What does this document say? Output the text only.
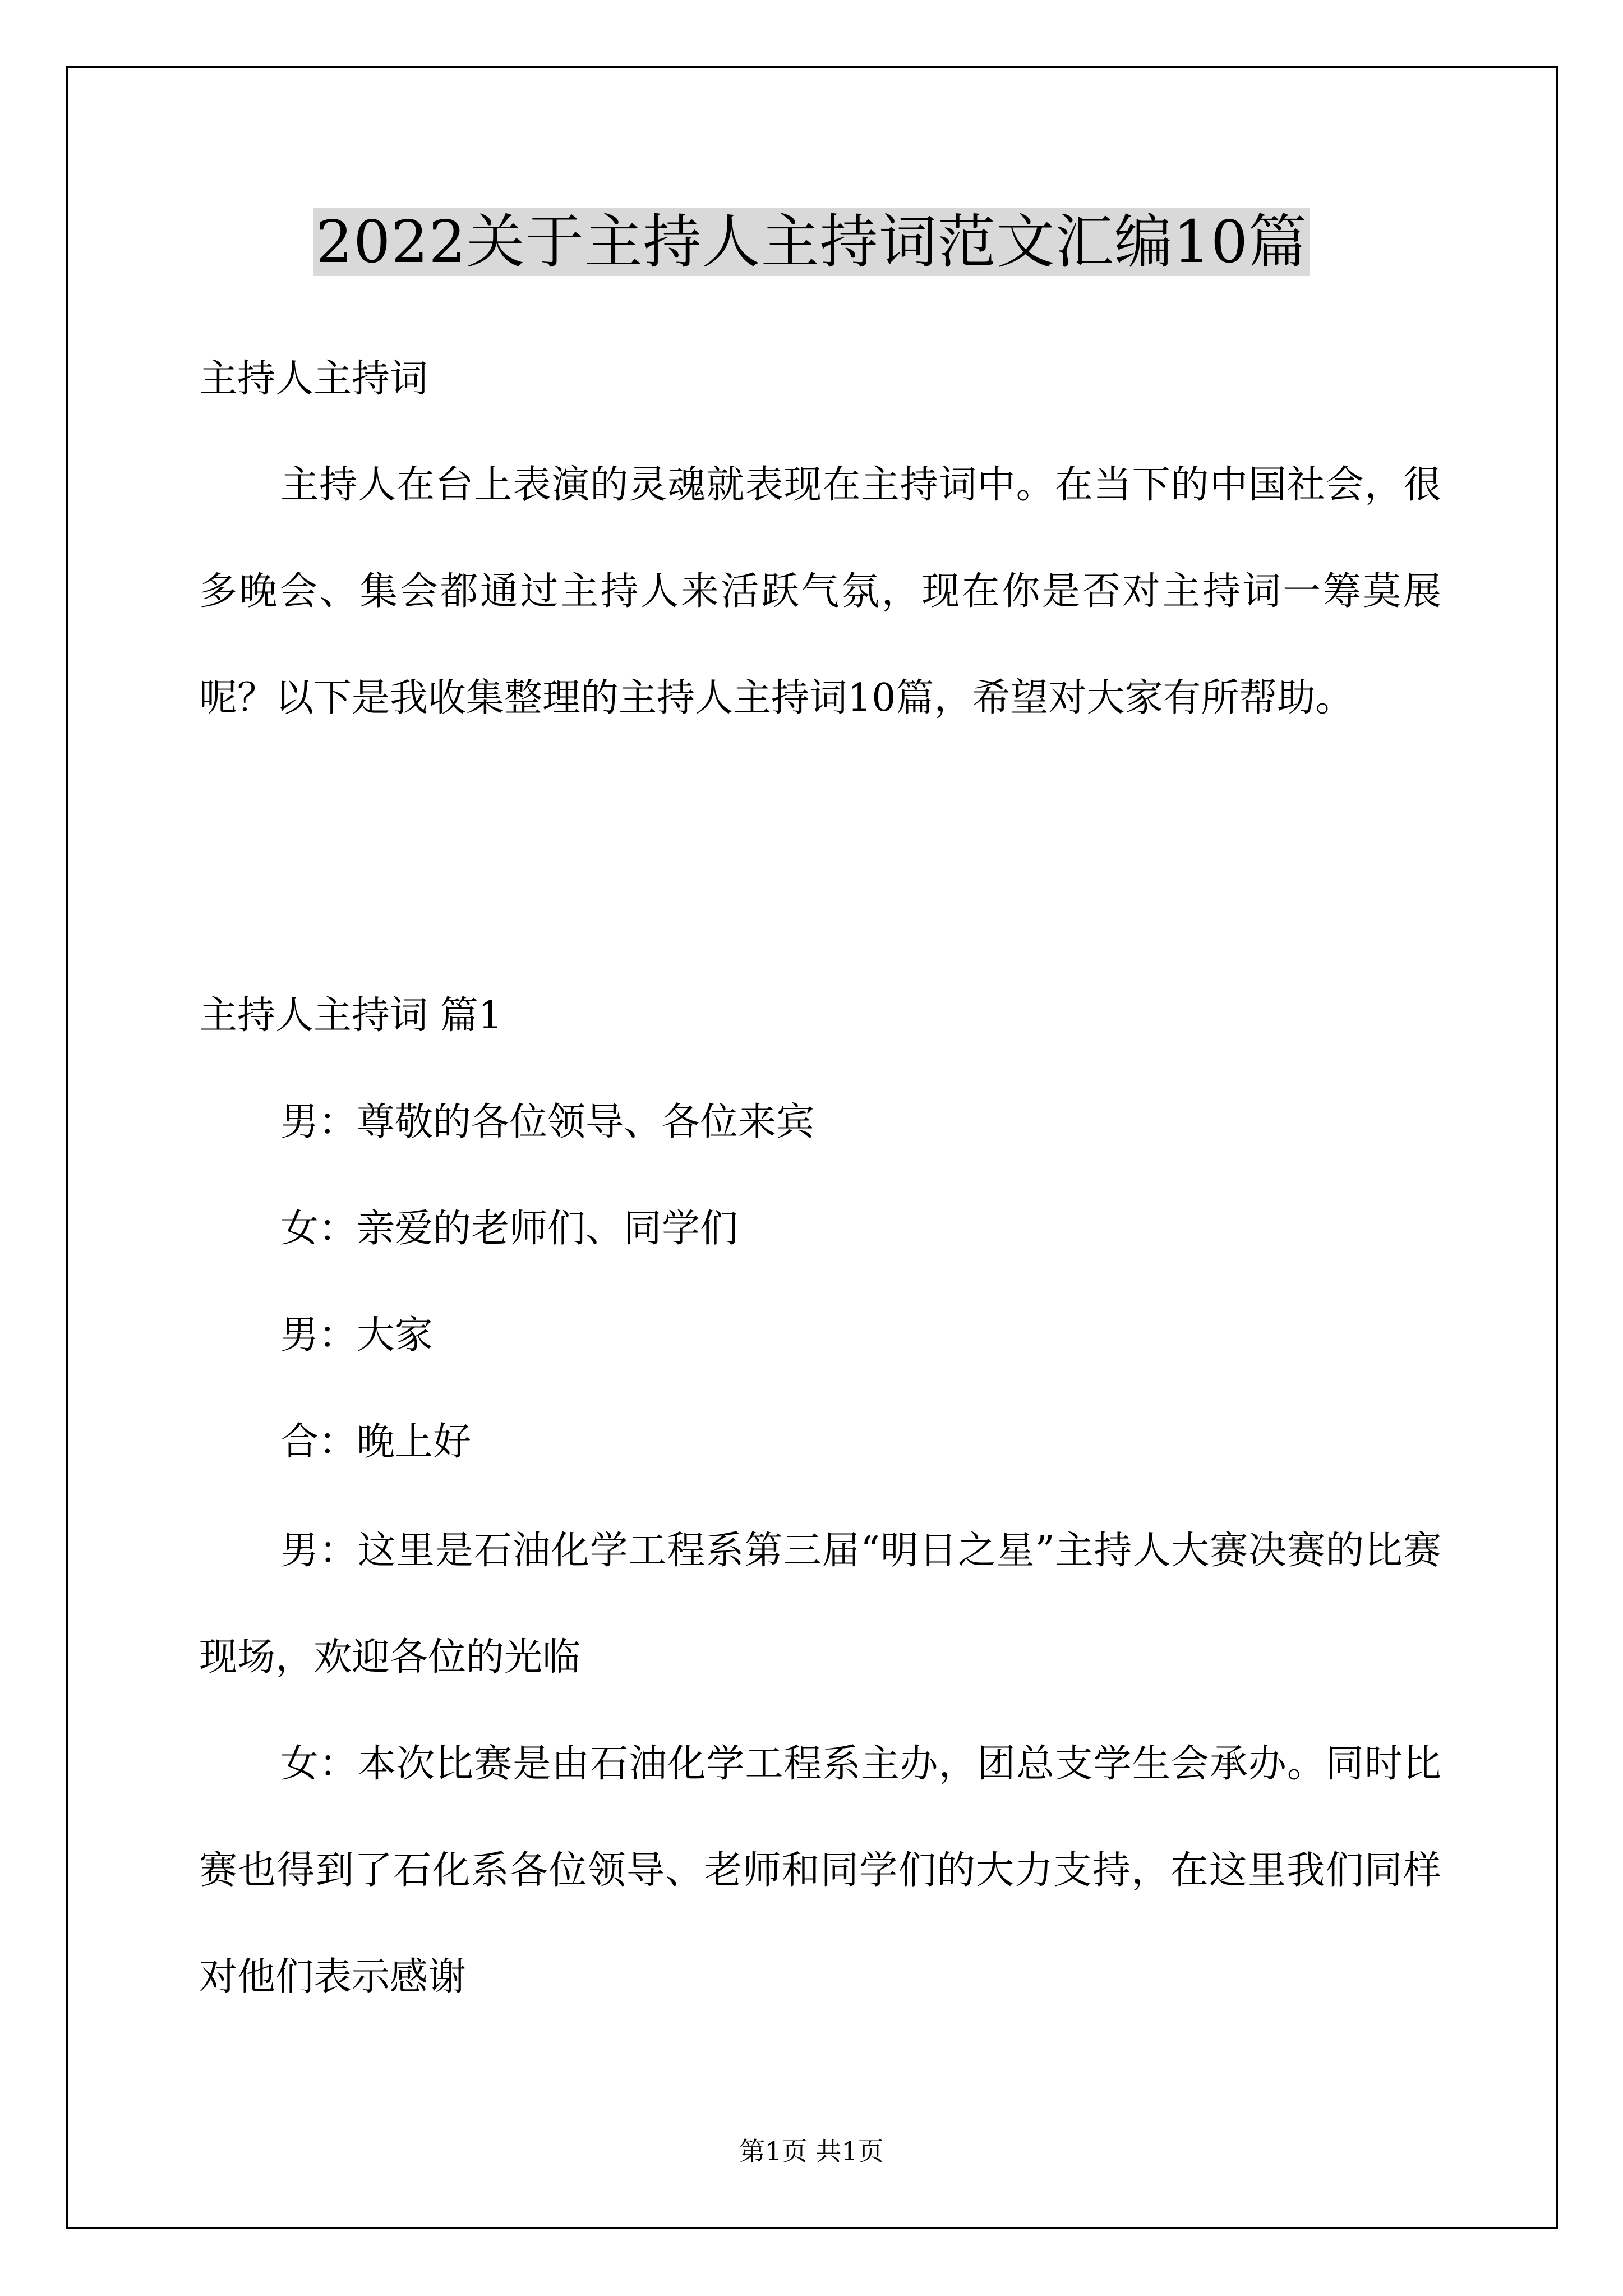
2022关于主持人主持词范文汇编10篇
主持人主持词

主持人在台上表演的灵魂就表现在主持词中。在当下的中国社会，很多晚会、集会都通过主持人来活跃气氛，现在你是否对主持词一筹莫展呢？以下是我收集整理的主持人主持词10篇，希望对大家有所帮助。

主持人主持词 篇1
男：尊敬的各位领导、各位来宾
女：亲爱的老师们、同学们
男：大家
合：晚上好

男：这里是石油化学工程系第三届“明日之星”主持人大赛决赛的比赛现场，欢迎各位的光临

女：本次比赛是由石油化学工程系主办，团总支学生会承办。同时比赛也得到了石化系各位领导、老师和同学们的大力支持，在这里我们同样对他们表示感谢

第1页 共1页
